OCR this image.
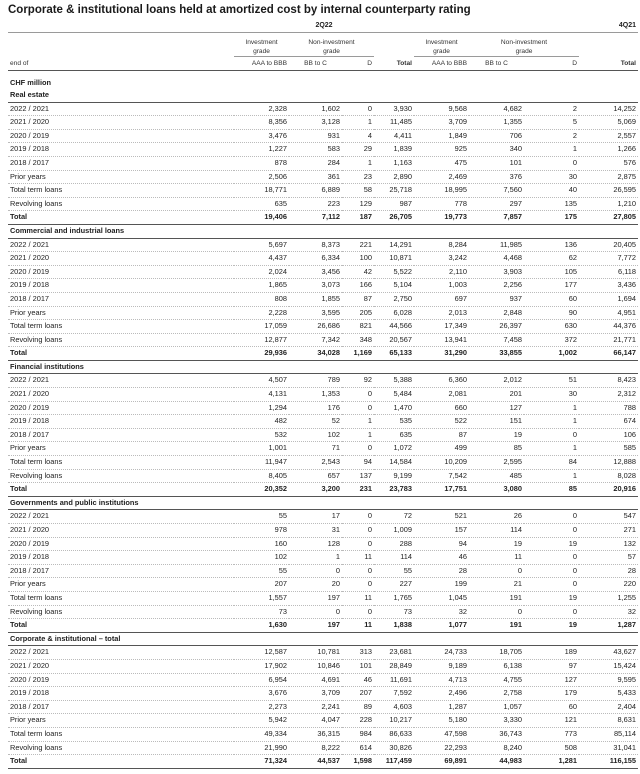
Corporate & institutional loans held at amortized cost by internal counterparty rating
	2Q22				4Q21			

	Investment	Non-investment			Investment	Non-investment		
	grade	grade			grade	grade		
end of	AAA to BBB	BB to C	D	Total	AAA to BBB	BB to C	D	Total

CHF million								
Real estate								
2022 / 2021	2,328	1,602	0	3,930	9,568	4,682	2	14,252
2021 / 2020	8,356	3,128	1	11,485	3,709	1,355	5	5,069
2020 / 2019	3,476	931	4	4,411	1,849	706	2	2,557
2019 / 2018	1,227	583	29	1,839	925	340	1	1,266
2018 / 2017	878	284	1	1,163	475	101	0	576
Prior years	2,506	361	23	2,890	2,469	376	30	2,875
Total term loans	18,771	6,889	58	25,718	18,995	7,560	40	26,595
Revolving loans	635	223	129	987	778	297	135	1,210
Total	19,406	7,112	187	26,705	19,773	7,857	175	27,805
Commercial and industrial loans								
2022 / 2021	5,697	8,373	221	14,291	8,284	11,985	136	20,405
2021 / 2020	4,437	6,334	100	10,871	3,242	4,468	62	7,772
2020 / 2019	2,024	3,456	42	5,522	2,110	3,903	105	6,118
2019 / 2018	1,865	3,073	166	5,104	1,003	2,256	177	3,436
2018 / 2017	808	1,855	87	2,750	697	937	60	1,694
Prior years	2,228	3,595	205	6,028	2,013	2,848	90	4,951
Total term loans	17,059	26,686	821	44,566	17,349	26,397	630	44,376
Revolving loans	12,877	7,342	348	20,567	13,941	7,458	372	21,771
Total	29,936	34,028	1,169	65,133	31,290	33,855	1,002	66,147
Financial institutions								
2022 / 2021	4,507	789	92	5,388	6,360	2,012	51	8,423
2021 / 2020	4,131	1,353	0	5,484	2,081	201	30	2,312
2020 / 2019	1,294	176	0	1,470	660	127	1	788
2019 / 2018	482	52	1	535	522	151	1	674
2018 / 2017	532	102	1	635	87	19	0	106
Prior years	1,001	71	0	1,072	499	85	1	585
Total term loans	11,947	2,543	94	14,584	10,209	2,595	84	12,888
Revolving loans	8,405	657	137	9,199	7,542	485	1	8,028
Total	20,352	3,200	231	23,783	17,751	3,080	85	20,916
Governments and public institutions								
2022 / 2021	55	17	0	72	521	26	0	547
2021 / 2020	978	31	0	1,009	157	114	0	271
2020 / 2019	160	128	0	288	94	19	19	132
2019 / 2018	102	1	11	114	46	11	0	57
2018 / 2017	55	0	0	55	28	0	0	28
Prior years	207	20	0	227	199	21	0	220
Total term loans	1,557	197	11	1,765	1,045	191	19	1,255
Revolving loans	73	0	0	73	32	0	0	32
Total	1,630	197	11	1,838	1,077	191	19	1,287
Corporate & institutional – total								
2022 / 2021	12,587	10,781	313	23,681	24,733	18,705	189	43,627
2021 / 2020	17,902	10,846	101	28,849	9,189	6,138	97	15,424
2020 / 2019	6,954	4,691	46	11,691	4,713	4,755	127	9,595
2019 / 2018	3,676	3,709	207	7,592	2,496	2,758	179	5,433
2018 / 2017	2,273	2,241	89	4,603	1,287	1,057	60	2,404
Prior years	5,942	4,047	228	10,217	5,180	3,330	121	8,631
Total term loans	49,334	36,315	984	86,633	47,598	36,743	773	85,114
Revolving loans	21,990	8,222	614	30,826	22,293	8,240	508	31,041
Total	71,324	44,537	1,598	117,459	69,891	44,983	1,281	116,155
